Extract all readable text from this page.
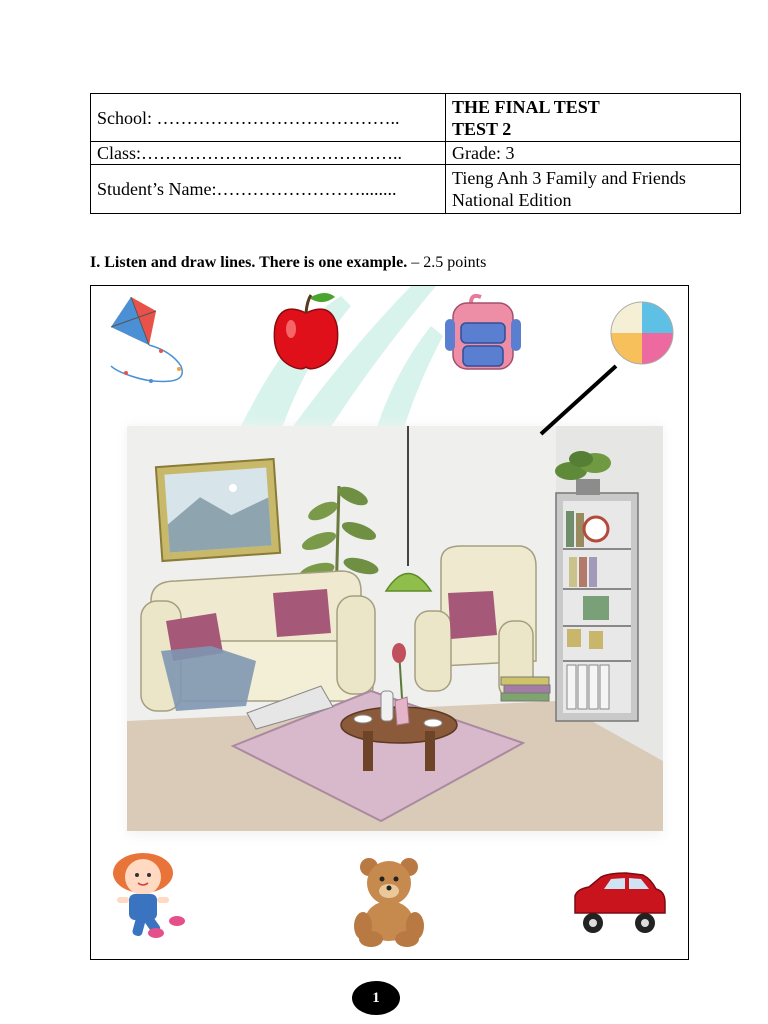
School: …………………………………..	THE FINAL TEST
TEST 2

Class:……………………………………..	Grade: 3
Student’s Name:……………………........	Tieng Anh 3 Family and Friends
National Edition
I. Listen and draw lines. There is one example. – 2.5 points
1
